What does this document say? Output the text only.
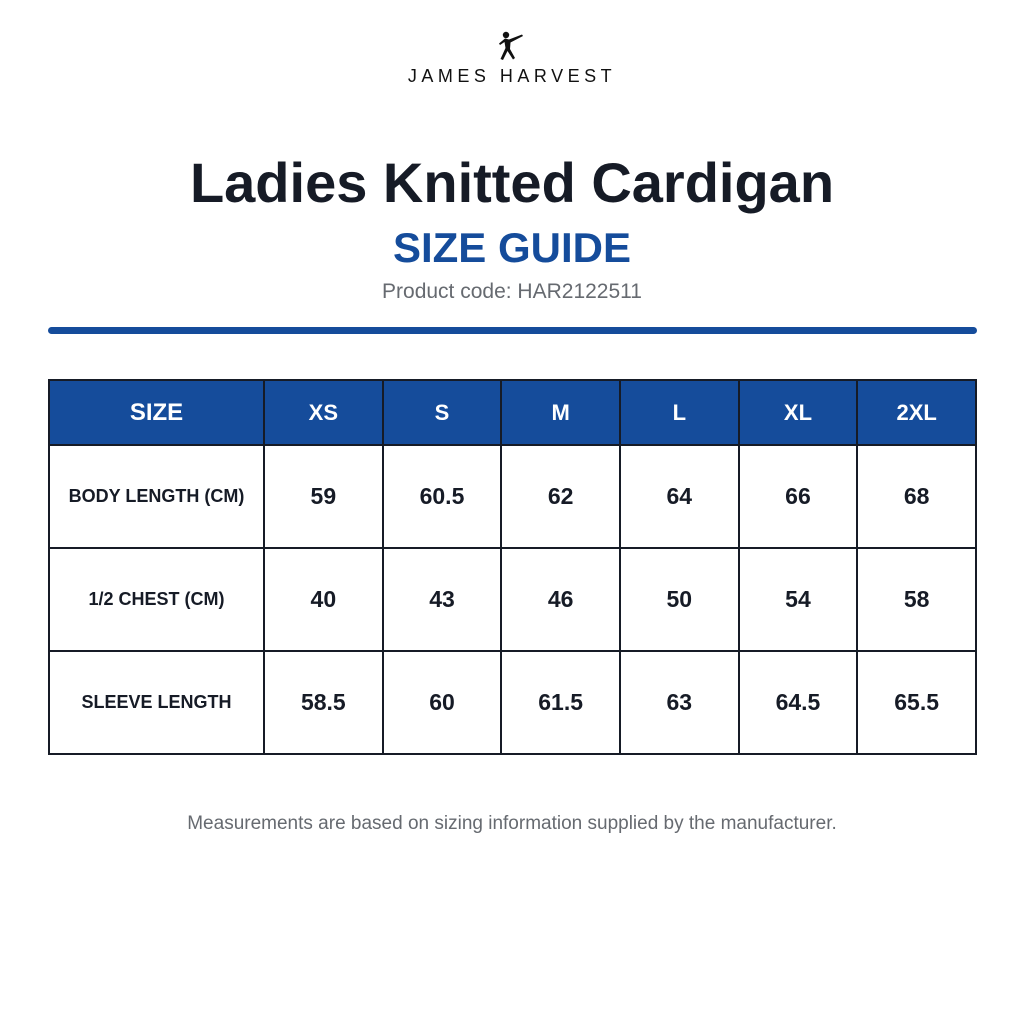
JAMES HARVEST
Ladies Knitted Cardigan
SIZE GUIDE
Product code: HAR2122511
SIZE	XS	S	M	L	XL	2XL
BODY LENGTH (CM)	59	60.5	62	64	66	68
1/2 CHEST (CM)	40	43	46	50	54	58
SLEEVE LENGTH	58.5	60	61.5	63	64.5	65.5
Measurements are based on sizing information supplied by the manufacturer.
